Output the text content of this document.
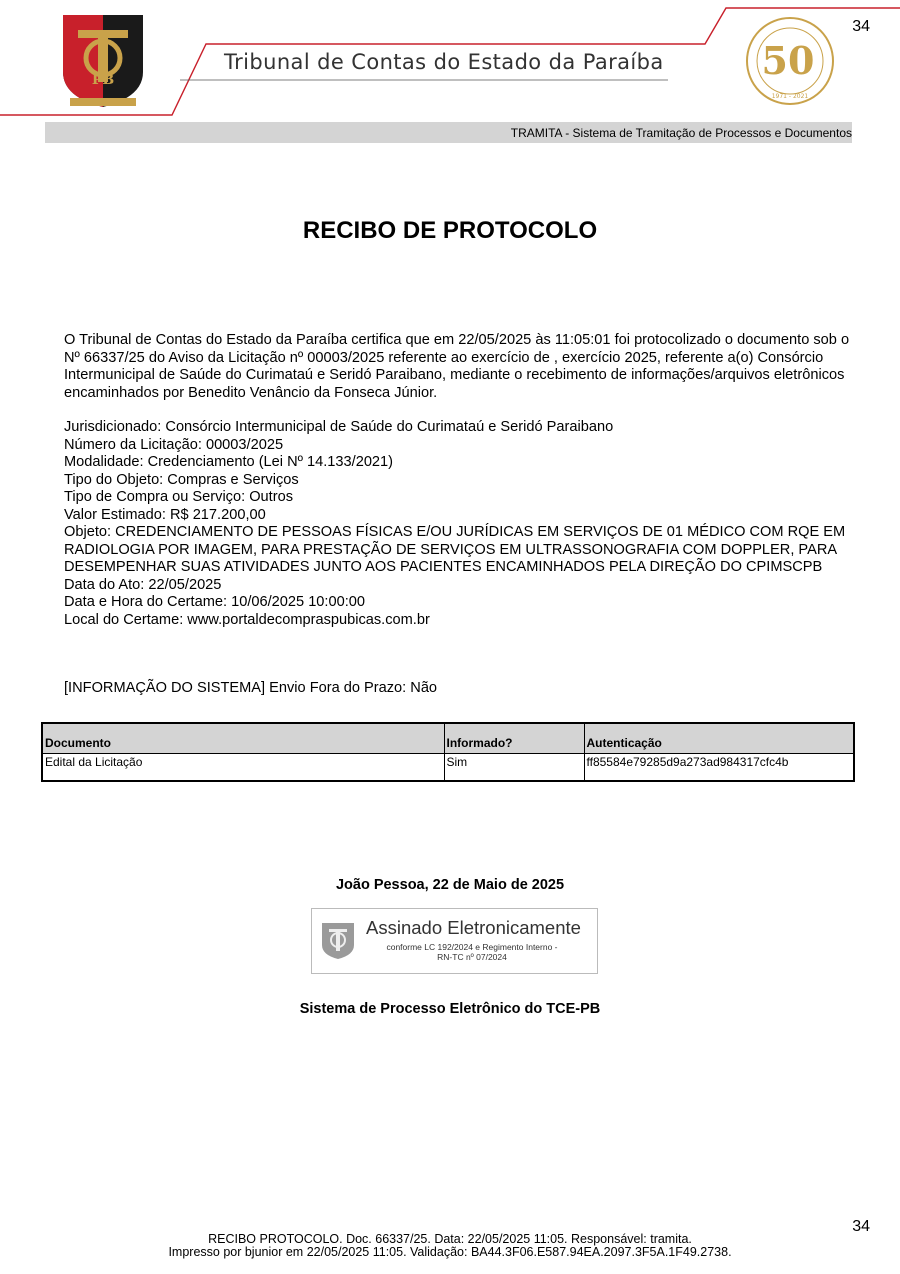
34
PB
Tribunal de Contas do Estado da Paraíba	50
1971 - 2021
TRAMITA - Sistema de Tramitação de Processos e Documentos
RECIBO DE PROTOCOLO
O Tribunal de Contas do Estado da Paraíba certifica que em 22/05/2025 às 11:05:01 foi protocolizado o documento sob o Nº 66337/25 do Aviso da Licitação nº 00003/2025 referente ao exercício de , exercício 2025, referente a(o) Consórcio Intermunicipal de Saúde do Curimataú e Seridó Paraibano, mediante o recebimento de informações/arquivos eletrônicos encaminhados por Benedito Venâncio da Fonseca Júnior.
Jurisdicionado: Consórcio Intermunicipal de Saúde do Curimataú e Seridó Paraibano
Número da Licitação: 00003/2025
Modalidade: Credenciamento (Lei Nº 14.133/2021)
Tipo do Objeto: Compras e Serviços
Tipo de Compra ou Serviço: Outros
Valor Estimado: R$ 217.200,00
Objeto: CREDENCIAMENTO DE PESSOAS FÍSICAS E/OU JURÍDICAS EM SERVIÇOS DE 01 MÉDICO COM RQE EM RADIOLOGIA POR IMAGEM, PARA PRESTAÇÃO DE SERVIÇOS EM ULTRASSONOGRAFIA COM DOPPLER, PARA DESEMPENHAR SUAS ATIVIDADES JUNTO AOS PACIENTES ENCAMINHADOS PELA DIREÇÃO DO CPIMSCPB
Data do Ato: 22/05/2025
Data e Hora do Certame: 10/06/2025 10:00:00
Local do Certame: www.portaldecompraspubicas.com.br
[INFORMAÇÃO DO SISTEMA] Envio Fora do Prazo: Não
Documento	Informado?	Autenticação
Edital da Licitação	Sim	ff85584e79285d9a273ad984317cfc4b
João Pessoa, 22 de Maio de 2025
Assinado Eletronicamente
conforme LC 192/2024 e Regimento Interno -
RN-TC nº 07/2024
Sistema de Processo Eletrônico do TCE-PB
34
RECIBO PROTOCOLO. Doc. 66337/25. Data: 22/05/2025 11:05. Responsável: tramita.
Impresso por bjunior em 22/05/2025 11:05. Validação: BA44.3F06.E587.94EA.2097.3F5A.1F49.2738.
